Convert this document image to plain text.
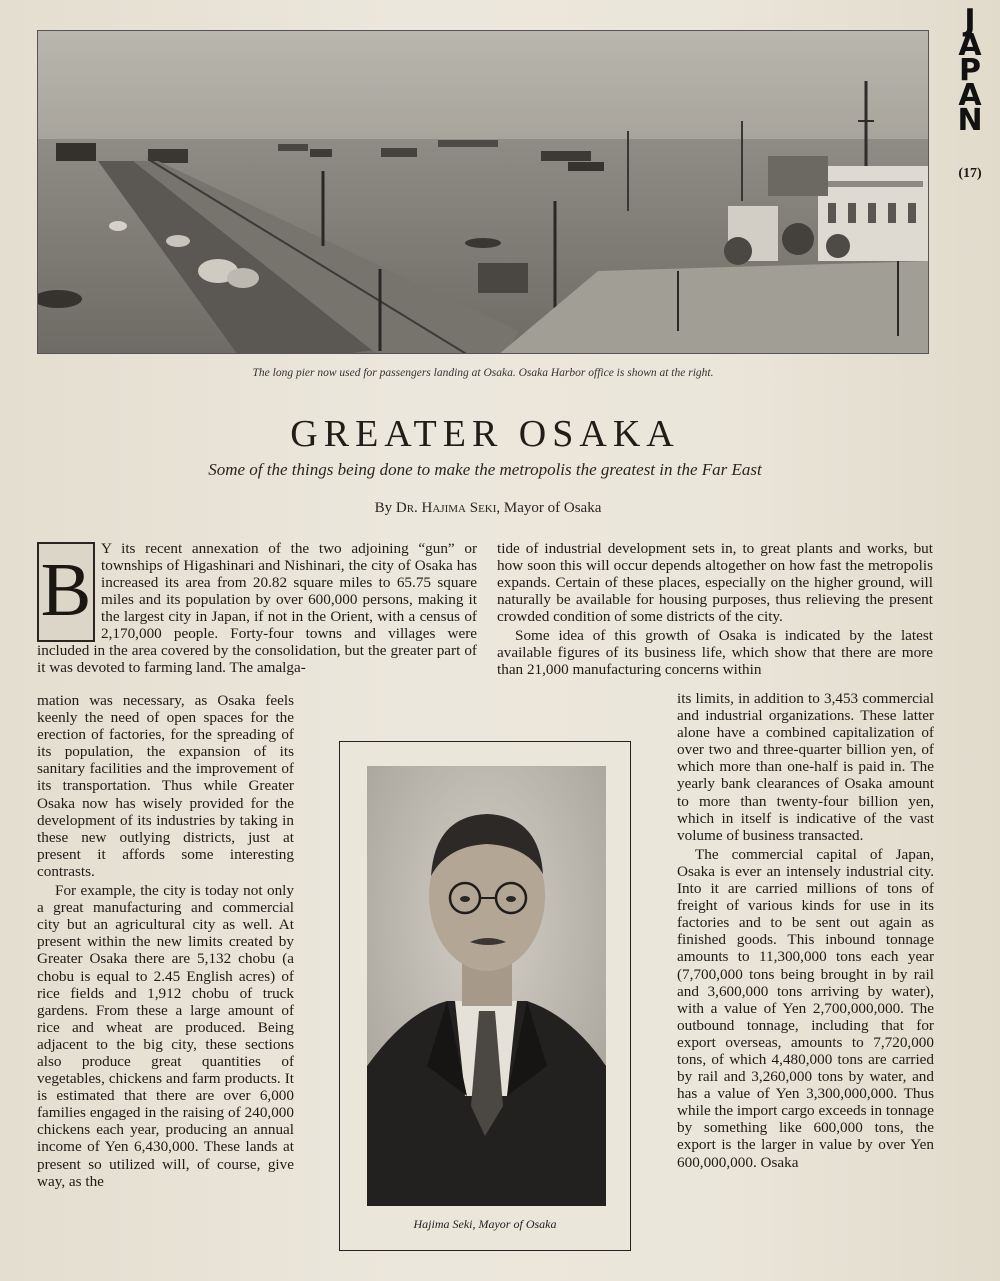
J
A
P
A
N
(17)
The long pier now used for passengers landing at Osaka. Osaka Harbor office is shown at the right.
GREATER OSAKA
Some of the things being done to make the metropolis the greatest in the Far East
By Dr. Hajima Seki, Mayor of Osaka
B Y its recent annexation of the two adjoining “gun” or townships of Higashinari and Nishinari, the city of Osaka has increased its area from 20.82 square miles to 65.75 square miles and its population by over 600,000 persons, making it the largest city in Japan, if not in the Orient, with a census of 2,170,000 people. Forty-four towns and villages were included in the area covered by the consolidation, but the greater part of it was devoted to farming land. The amalga-

mation was necessary, as Osaka feels keenly the need of open spaces for the erection of factories, for the spreading of its population, the expansion of its sanitary facilities and the improvement of its transportation. Thus while Greater Osaka now has wisely provided for the development of its industries by taking in these new outlying districts, just at present it affords some interesting contrasts.

For example, the city is today not only a great manufacturing and commercial city but an agricultural city as well. At present within the new limits created by Greater Osaka there are 5,132 chobu (a chobu is equal to 2.45 English acres) of rice fields and 1,912 chobu of truck gardens. From these a large amount of rice and wheat are produced. Being adjacent to the big city, these sections also produce great quantities of vegetables, chickens and farm products. It is estimated that there are over 6,000 families engaged in the raising of 240,000 chickens each year, producing an annual income of Yen 6,430,000. These lands at present so utilized will, of course, give way, as the

tide of industrial development sets in, to great plants and works, but how soon this will occur depends altogether on how fast the metropolis expands. Certain of these places, especially on the higher ground, will naturally be available for housing purposes, thus relieving the present crowded condition of some districts of the city.

Some idea of this growth of Osaka is indicated by the latest available figures of its business life, which show that there are more than 21,000 manufacturing concerns within

its limits, in addition to 3,453 commercial and industrial organizations. These latter alone have a combined capitalization of over two and three-quarter billion yen, of which more than one-half is paid in. The yearly bank clearances of Osaka amount to more than twenty-four billion yen, which in itself is indicative of the vast volume of business transacted.

The commercial capital of Japan, Osaka is ever an intensely industrial city. Into it are carried millions of tons of freight of various kinds for use in its factories and to be sent out again as finished goods. This inbound tonnage amounts to 11,300,000 tons each year (7,700,000 tons being brought in by rail and 3,600,000 tons arriving by water), with a value of Yen 2,700,000,000. The outbound tonnage, including that for export overseas, amounts to 7,720,000 tons, of which 4,480,000 tons are carried by rail and 3,260,000 tons by water, and has a value of Yen 3,300,000,000. Thus while the import cargo exceeds in tonnage by something like 600,000 tons, the export is the larger in value by over Yen 600,000,000. Osaka

Hajima Seki, Mayor of Osaka
